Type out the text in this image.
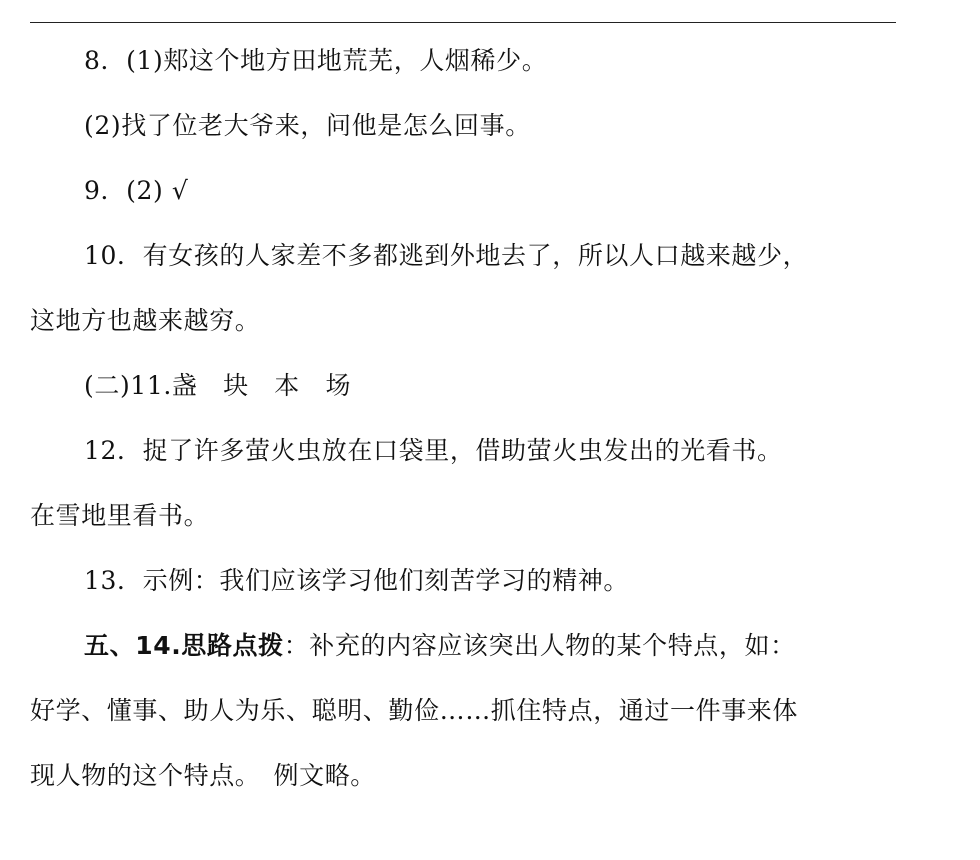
8．(1)郏这个地方田地荒芜，人烟稀少。
(2)找了位老大爷来，问他是怎么回事。
9．(2) √
10．有女孩的人家差不多都逃到外地去了，所以人口越来越少，
这地方也越来越穷。
(二)11.盏　块　本　场
12．捉了许多萤火虫放在口袋里，借助萤火虫发出的光看书。
在雪地里看书。
13．示例：我们应该学习他们刻苦学习的精神。
五、14.思路点拨：补充的内容应该突出人物的某个特点，如：
好学、懂事、助人为乐、聪明、勤俭……抓住特点，通过一件事来体
现人物的这个特点。　例文略。
